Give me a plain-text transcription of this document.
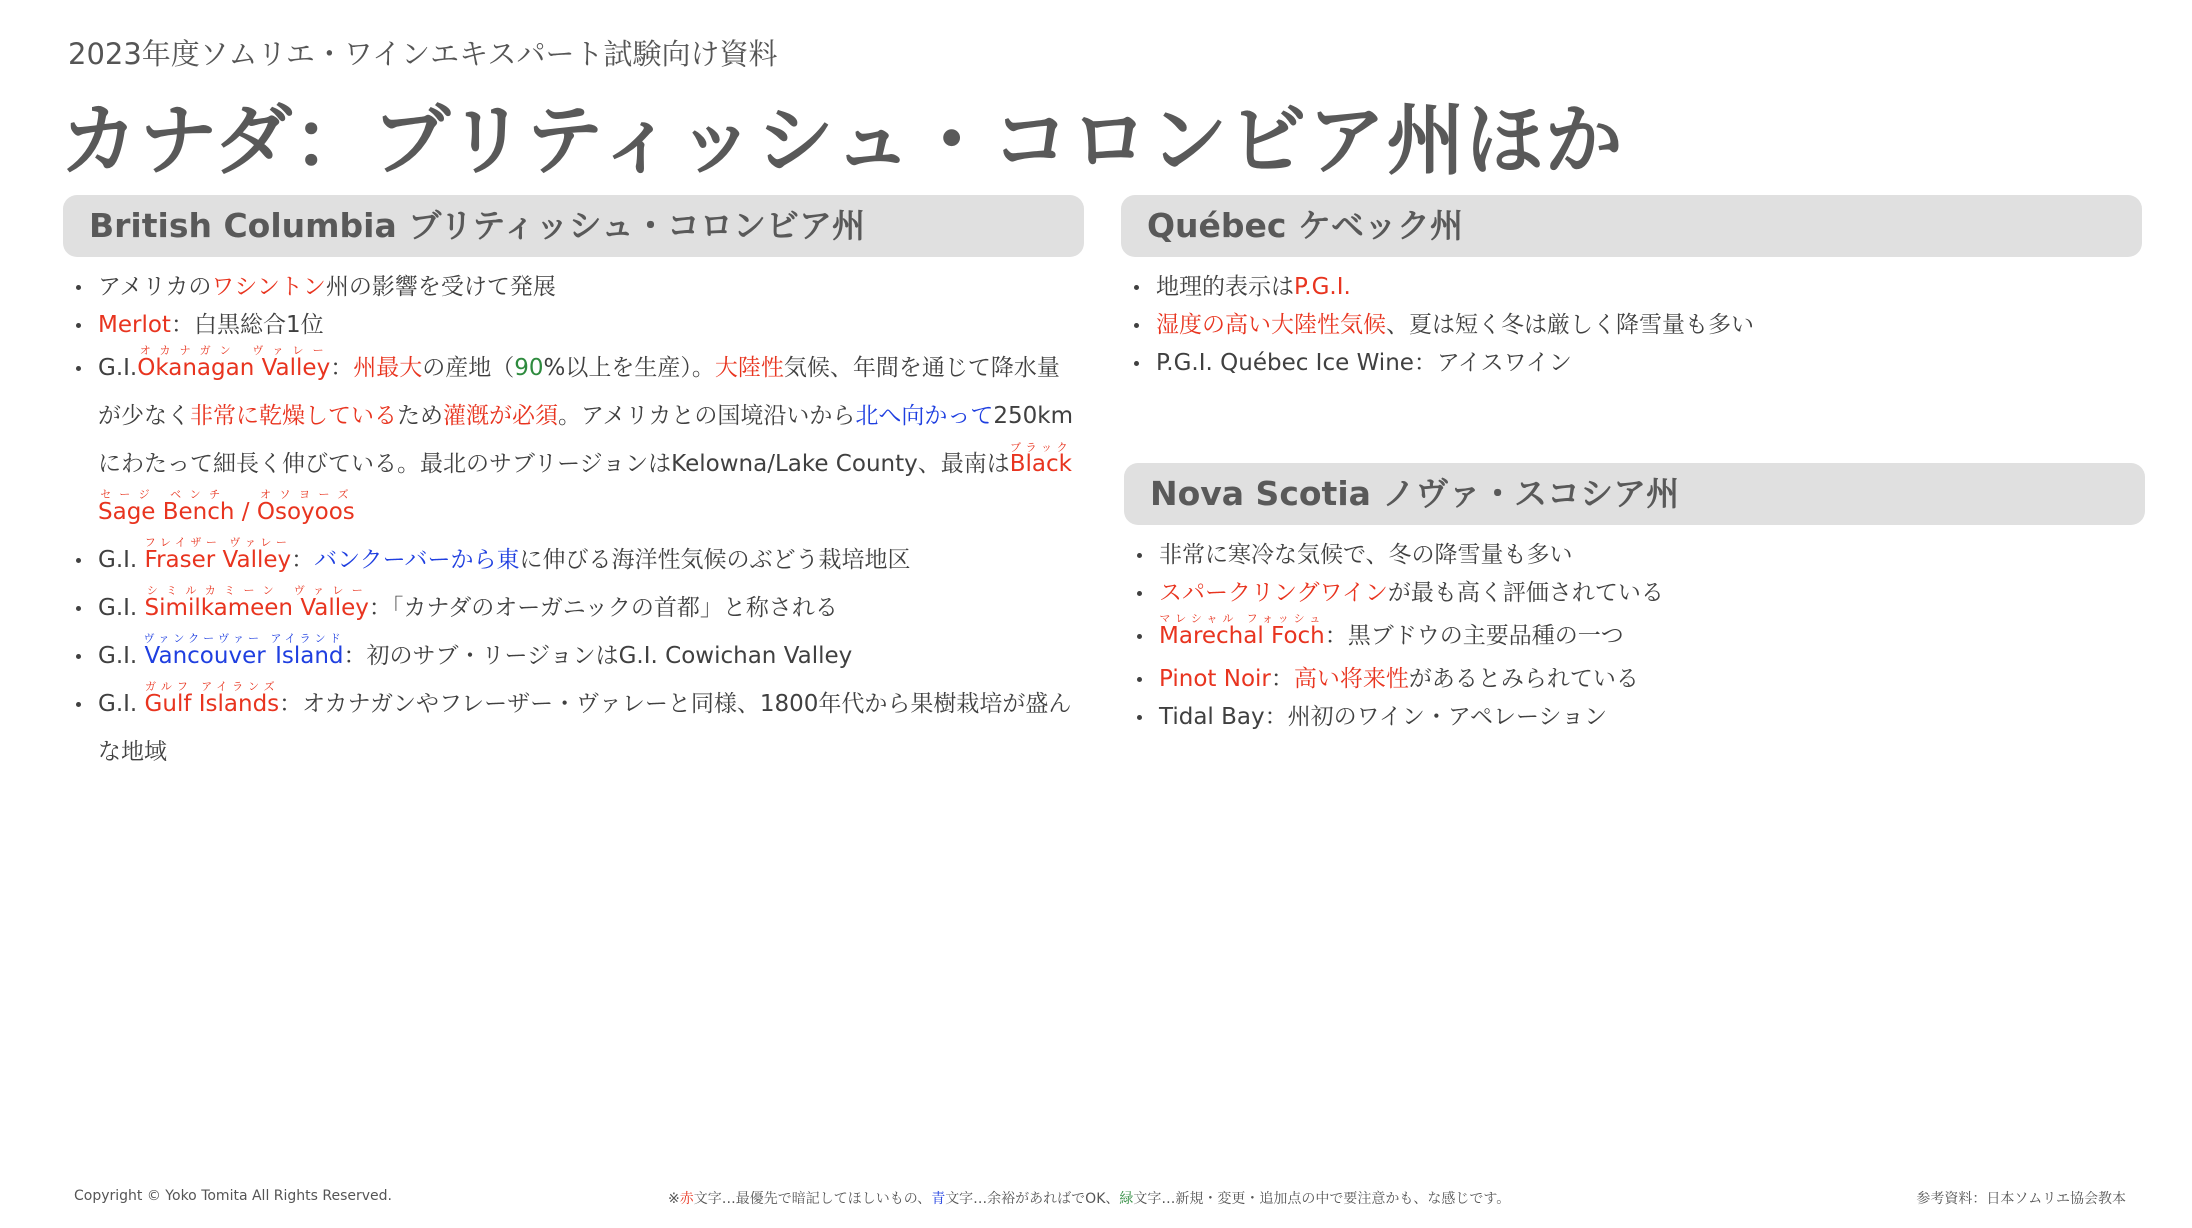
2023年度ソムリエ・ワインエキスパート試験向け資料
カナダ：ブリティッシュ・コロンビア州ほか
British Columbia ブリティッシュ・コロンビア州
アメリカのワシントン州の影響を受けて発展
Merlot：白黒総合1位
G.I.Okanagan Valleyオカナガン ヴァレー：州最大の産地（90%以上を生産）。大陸性気候、年間を通じて降水量が少なく非常に乾燥しているため灌漑が必須。アメリカとの国境沿いから北へ向かって250kmにわたって細長く伸びている。最北のサブリージョンはKelowna/Lake County、最南はBlackブラック Sage Bench / Osoyoosセージ ベンチ　 オソヨーズ
G.I. Fraser Valleyフレイザー ヴァレー：バンクーバーから東に伸びる海洋性気候のぶどう栽培地区
G.I. Similkameen Valleyシミルカミーン ヴァレー：「カナダのオーガニックの首都」と称される
G.I. Vancouver Islandヴァンクーヴァー アイランド：初のサブ・リージョンはG.I. Cowichan Valley
G.I. Gulf Islandsガルフ アイランズ：オカナガンやフレーザー・ヴァレーと同様、1800年代から果樹栽培が盛んな地域
Québec ケベック州
地理的表示はP.G.I.
湿度の高い大陸性気候、夏は短く冬は厳しく降雪量も多い
P.G.I. Québec Ice Wine：アイスワイン
Nova Scotia ノヴァ・スコシア州
非常に寒冷な気候で、冬の降雪量も多い
スパークリングワインが最も高く評価されている
Marechal Fochマレシャル フォッシュ：黒ブドウの主要品種の一つ
Pinot Noir：高い将来性があるとみられている
Tidal Bay：州初のワイン・アペレーション
Copyright © Yoko Tomita All Rights Reserved.	※赤文字…最優先で暗記してほしいもの、青文字…余裕があればでOK、緑文字…新規・変更・追加点の中で要注意かも、な感じです。	参考資料：日本ソムリエ協会教本
